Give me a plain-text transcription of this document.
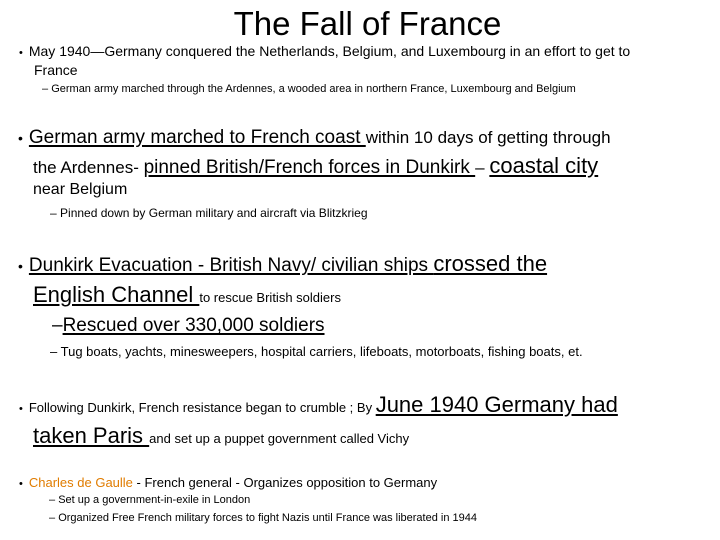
The Fall of France
• May 1940—Germany conquered the Netherlands, Belgium, and Luxembourg in an effort to get to
France
– German army marched through the Ardennes, a wooded area in northern France, Luxembourg and Belgium
• German army marched to French coast within 10 days of getting through
the Ardennes- pinned British/French forces in Dunkirk – coastal city
near Belgium
– Pinned down by German military and aircraft via Blitzkrieg
• Dunkirk Evacuation - British Navy/ civilian ships crossed the
English Channel to rescue British soldiers
–Rescued over 330,000 soldiers
– Tug boats, yachts, minesweepers, hospital carriers, lifeboats, motorboats, fishing boats, et.
• Following Dunkirk, French resistance began to crumble ; By June 1940 Germany had
taken Paris and set up a puppet government called Vichy
• Charles de Gaulle - French general - Organizes opposition to Germany
– Set up a government-in-exile in London
– Organized Free French military forces to fight Nazis until France was liberated in 1944
